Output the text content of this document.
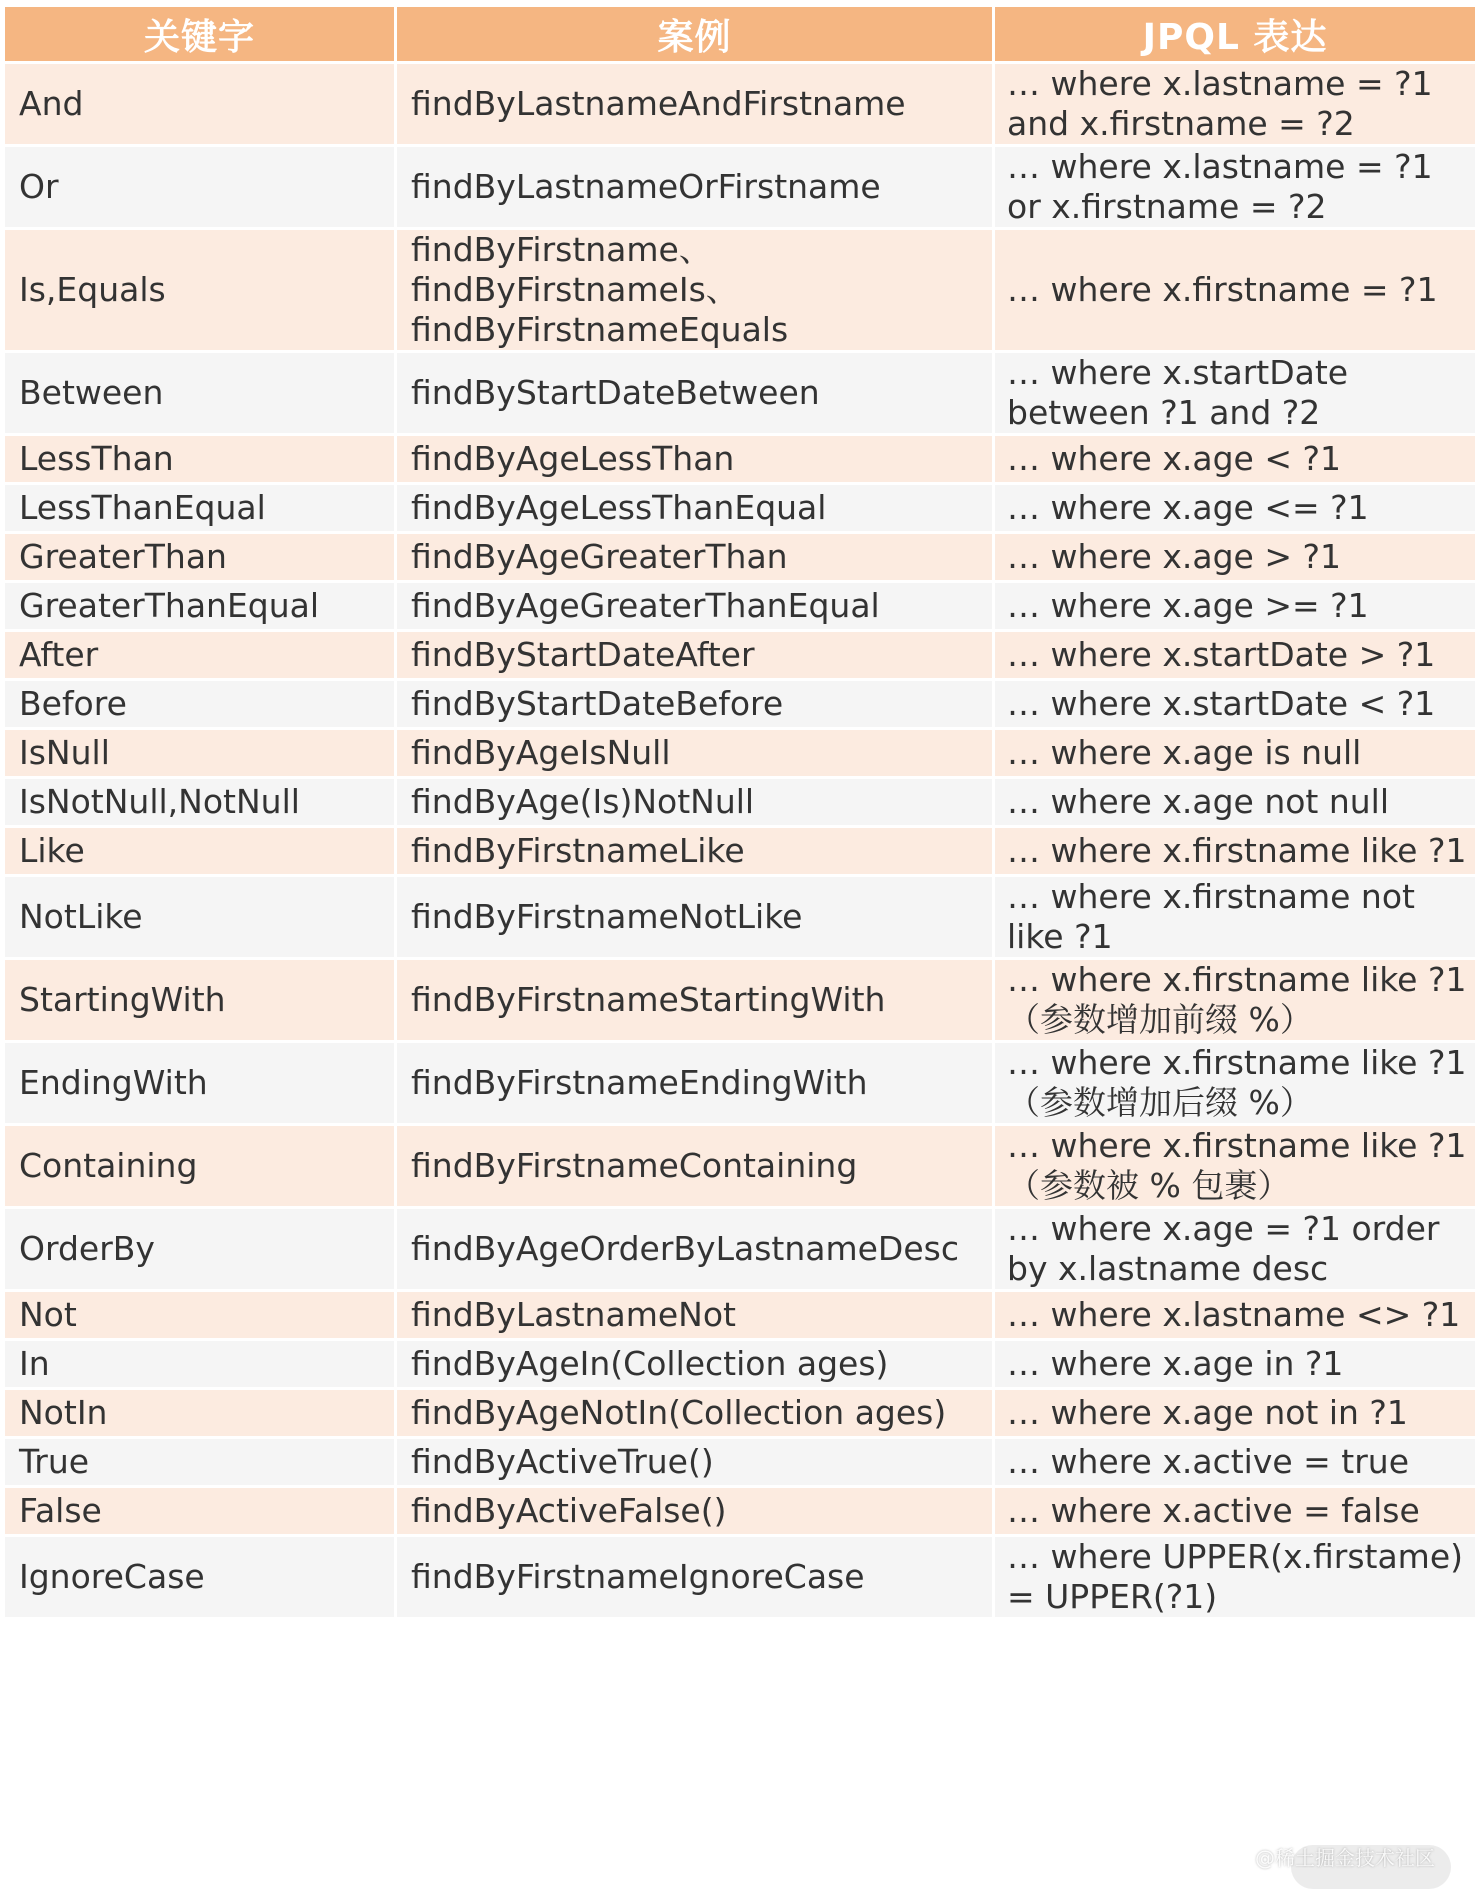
关键字	案例	JPQL 表达
And	findByLastnameAndFirstname	… where x.lastname = ?1 and x.firstname = ?2
Or	findByLastnameOrFirstname	… where x.lastname = ?1 or x.firstname = ?2
Is,Equals	findByFirstname、findByFirstnameIs、findByFirstnameEquals	… where x.firstname = ?1
Between	findByStartDateBetween	… where x.startDate between ?1 and ?2
LessThan	findByAgeLessThan	… where x.age < ?1
LessThanEqual	findByAgeLessThanEqual	… where x.age <= ?1
GreaterThan	findByAgeGreaterThan	… where x.age > ?1
GreaterThanEqual	findByAgeGreaterThanEqual	… where x.age >= ?1
After	findByStartDateAfter	… where x.startDate > ?1
Before	findByStartDateBefore	… where x.startDate < ?1
IsNull	findByAgeIsNull	… where x.age is null
IsNotNull,NotNull	findByAge(Is)NotNull	… where x.age not null
Like	findByFirstnameLike	… where x.firstname like ?1
NotLike	findByFirstnameNotLike	… where x.firstname not like ?1
StartingWith	findByFirstnameStartingWith	… where x.firstname like ?1 （参数增加前缀 %）
EndingWith	findByFirstnameEndingWith	… where x.firstname like ?1 （参数增加后缀 %）
Containing	findByFirstnameContaining	… where x.firstname like ?1 （参数被 % 包裹）
OrderBy	findByAgeOrderByLastnameDesc	… where x.age = ?1 order by x.lastname desc
Not	findByLastnameNot	… where x.lastname <> ?1
In	findByAgeIn(Collection ages)	… where x.age in ?1
NotIn	findByAgeNotIn(Collection ages)	… where x.age not in ?1
True	findByActiveTrue()	… where x.active = true
False	findByActiveFalse()	… where x.active = false
IgnoreCase	findByFirstnameIgnoreCase	… where UPPER(x.firstame) = UPPER(?1)
@稀土掘金技术社区
